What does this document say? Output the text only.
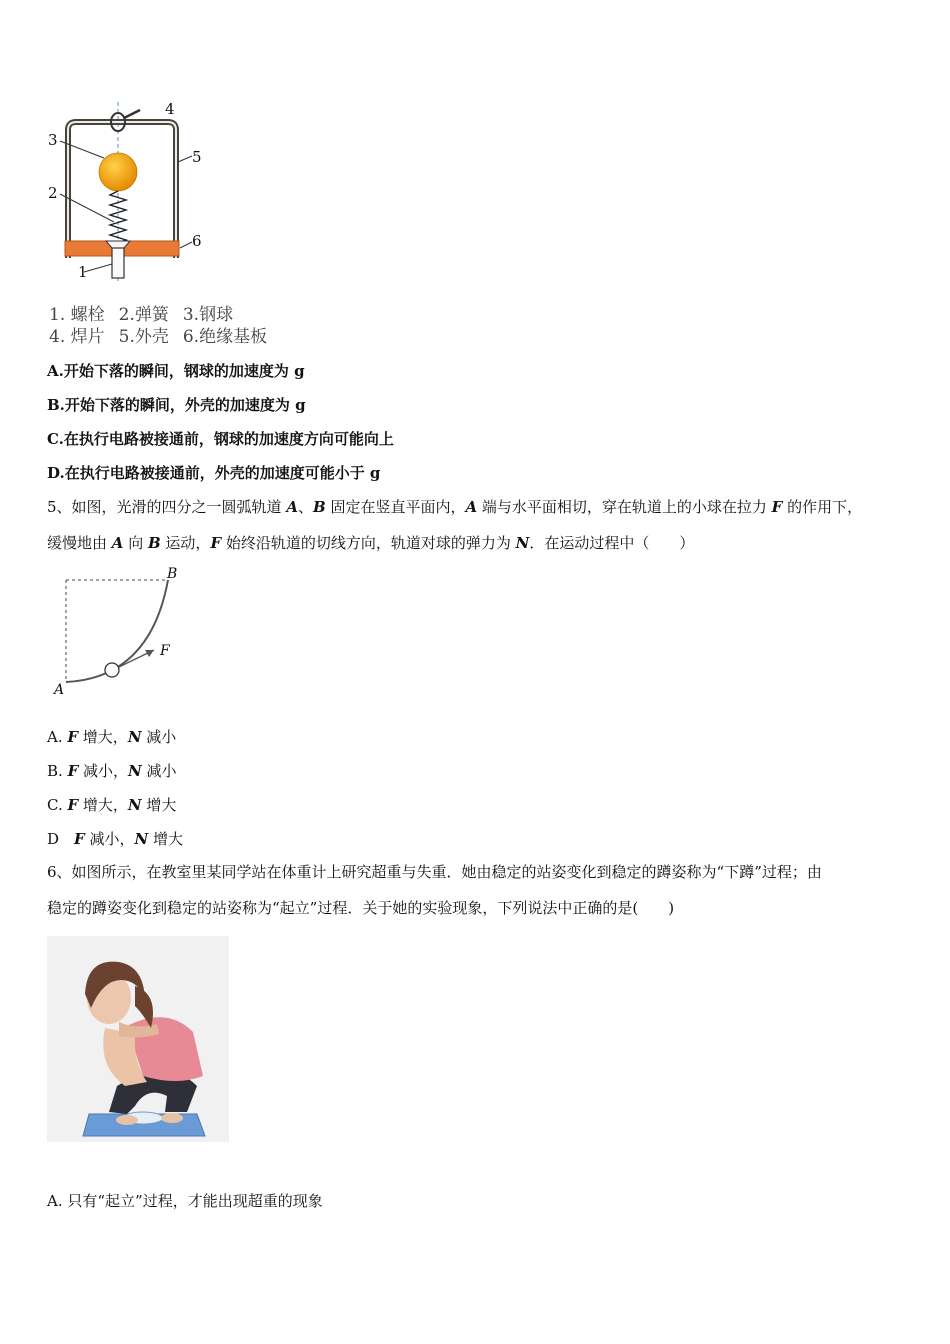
4
3
5
2
6
1
1. 螺栓 2.弹簧 3.钢球
4. 焊片 5.外壳 6.绝缘基板
A.开始下落的瞬间，钢球的加速度为 g
B.开始下落的瞬间，外壳的加速度为 g
C.在执行电路被接通前，钢球的加速度方向可能向上
D.在执行电路被接通前，外壳的加速度可能小于 g
5、如图，光滑的四分之一圆弧轨道 A、B 固定在竖直平面内，A 端与水平面相切，穿在轨道上的小球在拉力 F 的作用下，
缓慢地由 A 向 B 运动，F 始终沿轨道的切线方向，轨道对球的弹力为 N．在运动过程中（　　）
B
F
A
A. F 增大，N 减小
B. F 减小，N 减小
C. F 增大，N 增大
D　F 减小，N 增大
6、如图所示，在教室里某同学站在体重计上研究超重与失重．她由稳定的站姿变化到稳定的蹲姿称为“下蹲”过程；由
稳定的蹲姿变化到稳定的站姿称为“起立”过程．关于她的实验现象，下列说法中正确的是(　　)
A. 只有“起立”过程，才能出现超重的现象
